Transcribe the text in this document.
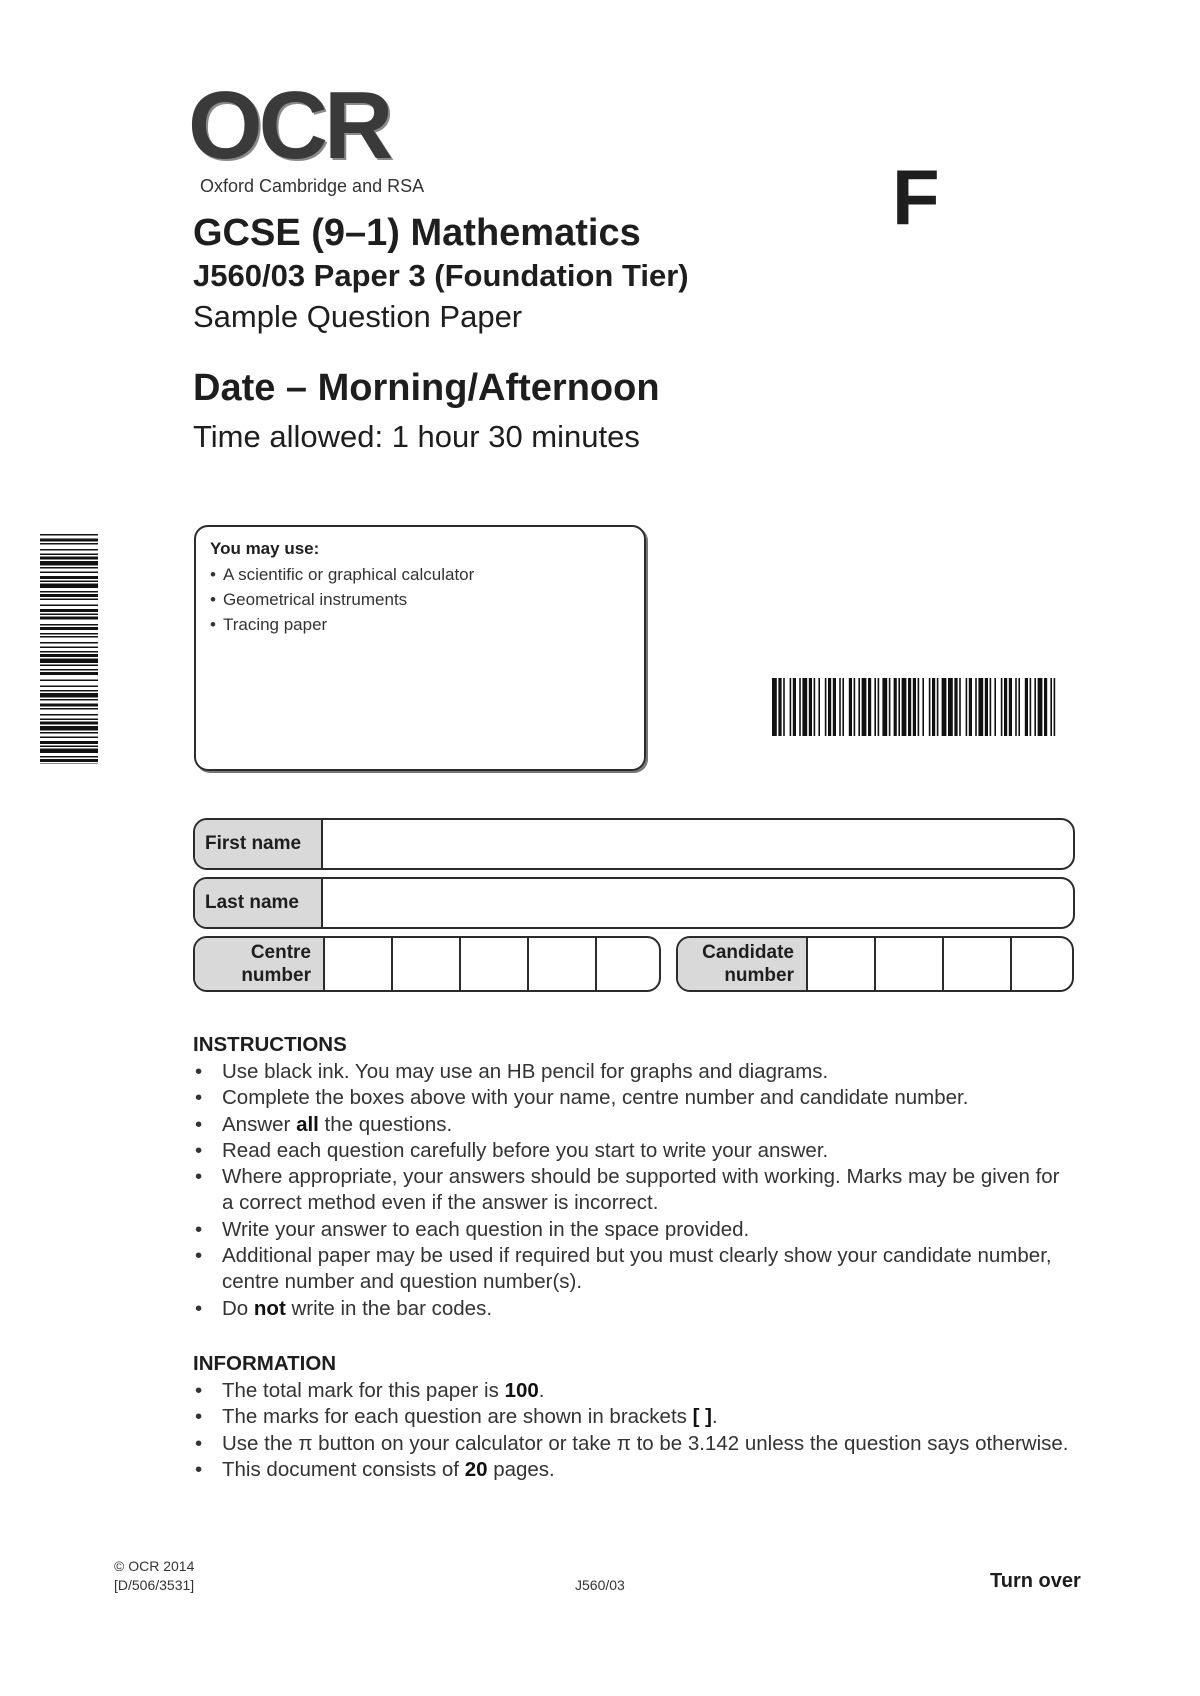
OCR
Oxford Cambridge and RSA	F
GCSE (9–1) Mathematics
J560/03 Paper 3 (Foundation Tier)
Sample Question Paper
Date – Morning/Afternoon
Time allowed: 1 hour 30 minutes
You may use:
• A scientific or graphical calculator
• Geometrical instruments
• Tracing paper
First name
Last name
Centre
number
Candidate
number
INSTRUCTIONS
• Use black ink. You may use an HB pencil for graphs and diagrams.
• Complete the boxes above with your name, centre number and candidate number.
• Answer all the questions.
• Read each question carefully before you start to write your answer.
• Where appropriate, your answers should be supported with working. Marks may be given for a correct method even if the answer is incorrect.
• Write your answer to each question in the space provided.
• Additional paper may be used if required but you must clearly show your candidate number, centre number and question number(s).
• Do not write in the bar codes.
INFORMATION
• The total mark for this paper is 100.
• The marks for each question are shown in brackets [ ].
• Use the π button on your calculator or take π to be 3.142 unless the question says otherwise.
• This document consists of 20 pages.
© OCR 2014
[D/506/3531]	J560/03	Turn over
